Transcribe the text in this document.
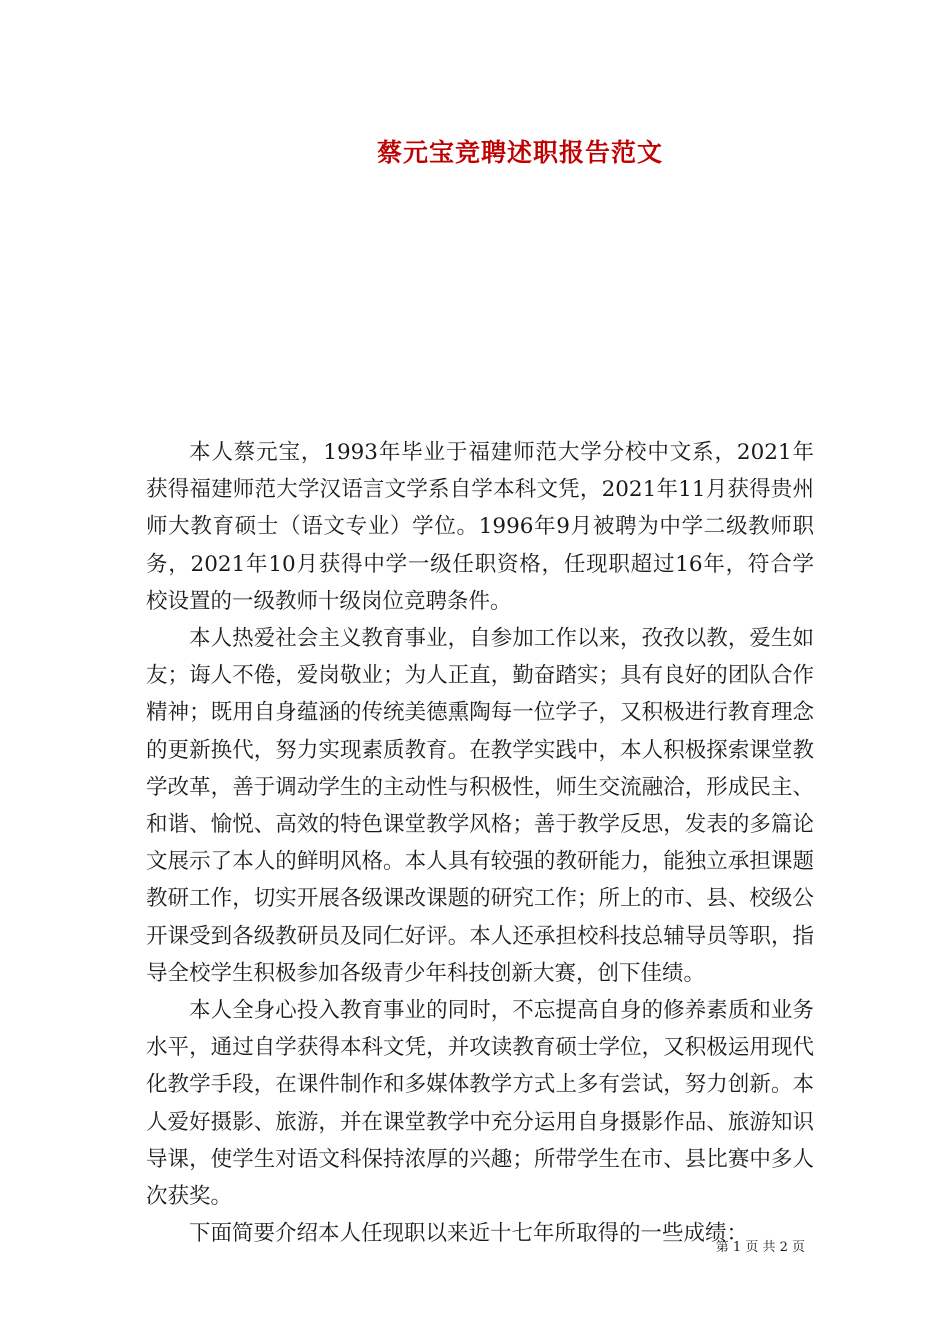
蔡元宝竞聘述职报告范文

本人蔡元宝，1993年毕业于福建师范大学分校中文系，2021年获得福建师范大学汉语言文学系自学本科文凭，2021年11月获得贵州师大教育硕士（语文专业）学位。1996年9月被聘为中学二级教师职务，2021年10月获得中学一级任职资格，任现职超过16年，符合学校设置的一级教师十级岗位竞聘条件。

本人热爱社会主义教育事业，自参加工作以来，孜孜以教，爱生如友；诲人不倦，爱岗敬业；为人正直，勤奋踏实；具有良好的团队合作精神；既用自身蕴涵的传统美德熏陶每一位学子，又积极进行教育理念的更新换代，努力实现素质教育。在教学实践中，本人积极探索课堂教学改革，善于调动学生的主动性与积极性，师生交流融洽，形成民主、和谐、愉悦、高效的特色课堂教学风格；善于教学反思，发表的多篇论文展示了本人的鲜明风格。本人具有较强的教研能力，能独立承担课题教研工作，切实开展各级课改课题的研究工作；所上的市、县、校级公开课受到各级教研员及同仁好评。本人还承担校科技总辅导员等职，指导全校学生积极参加各级青少年科技创新大赛，创下佳绩。

本人全身心投入教育事业的同时，不忘提高自身的修养素质和业务水平，通过自学获得本科文凭，并攻读教育硕士学位，又积极运用现代化教学手段，在课件制作和多媒体教学方式上多有尝试，努力创新。本人爱好摄影、旅游，并在课堂教学中充分运用自身摄影作品、旅游知识导课，使学生对语文科保持浓厚的兴趣；所带学生在市、县比赛中多人次获奖。

下面简要介绍本人任现职以来近十七年所取得的一些成绩：

第 1 页 共 2 页
